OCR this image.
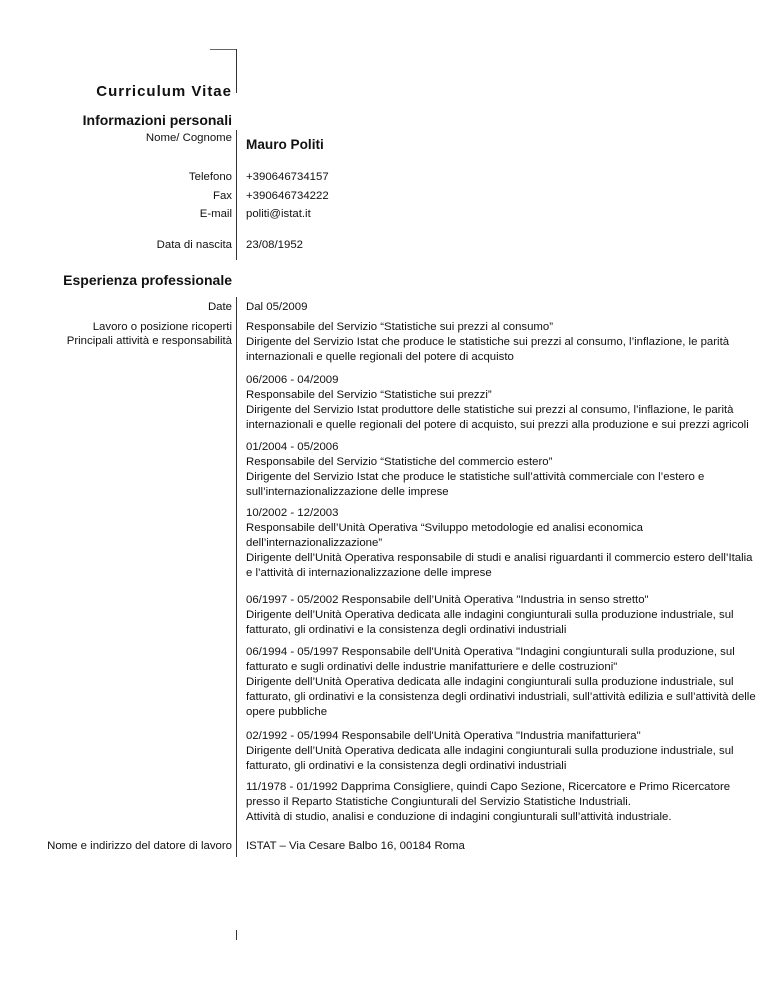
Curriculum Vitae
Informazioni personali
Nome/ Cognome Mauro Politi
Telefono +390646734157
Fax +390646734222
E-mail politi@istat.it
Data di nascita 23/08/1952
Esperienza professionale
Date Dal 05/2009
Lavoro o posizione ricoperti
Principali attività e responsabilità
Responsabile del Servizio “Statistiche sui prezzi al consumo”
Dirigente del Servizio Istat che produce le statistiche sui prezzi al consumo, l’inflazione, le parità
internazionali e quelle regionali del potere di acquisto
06/2006 - 04/2009
Responsabile del Servizio “Statistiche sui prezzi”
Dirigente del Servizio Istat produttore delle statistiche sui prezzi al consumo, l’inflazione, le parità
internazionali e quelle regionali del potere di acquisto, sui prezzi alla produzione e sui prezzi agricoli
01/2004 - 05/2006
Responsabile del Servizio “Statistiche del commercio estero”
Dirigente del Servizio Istat che produce le statistiche sull’attività commerciale con l’estero e
sull’internazionalizzazione delle imprese
10/2002 - 12/2003
Responsabile dell’Unità Operativa “Sviluppo metodologie ed analisi economica
dell’internazionalizzazione”
Dirigente dell’Unità Operativa responsabile di studi e analisi riguardanti il commercio estero dell’Italia
e l’attività di internazionalizzazione delle imprese
06/1997 - 05/2002 Responsabile dell’Unità Operativa "Industria in senso stretto"
Dirigente dell’Unità Operativa dedicata alle indagini congiunturali sulla produzione industriale, sul
fatturato, gli ordinativi e la consistenza degli ordinativi industriali
06/1994 - 05/1997 Responsabile dell'Unità Operativa "Indagini congiunturali sulla produzione, sul
fatturato e sugli ordinativi delle industrie manifatturiere e delle costruzioni"
Dirigente dell’Unità Operativa dedicata alle indagini congiunturali sulla produzione industriale, sul
fatturato, gli ordinativi e la consistenza degli ordinativi industriali, sull’attività edilizia e sull’attività delle
opere pubbliche
02/1992 - 05/1994 Responsabile dell'Unità Operativa "Industria manifatturiera"
Dirigente dell’Unità Operativa dedicata alle indagini congiunturali sulla produzione industriale, sul
fatturato, gli ordinativi e la consistenza degli ordinativi industriali
11/1978 - 01/1992 Dapprima Consigliere, quindi Capo Sezione, Ricercatore e Primo Ricercatore
presso il Reparto Statistiche Congiunturali del Servizio Statistiche Industriali.
Attività di studio, analisi e conduzione di indagini congiunturali sull’attività industriale.
Nome e indirizzo del datore di lavoro ISTAT – Via Cesare Balbo 16, 00184 Roma
